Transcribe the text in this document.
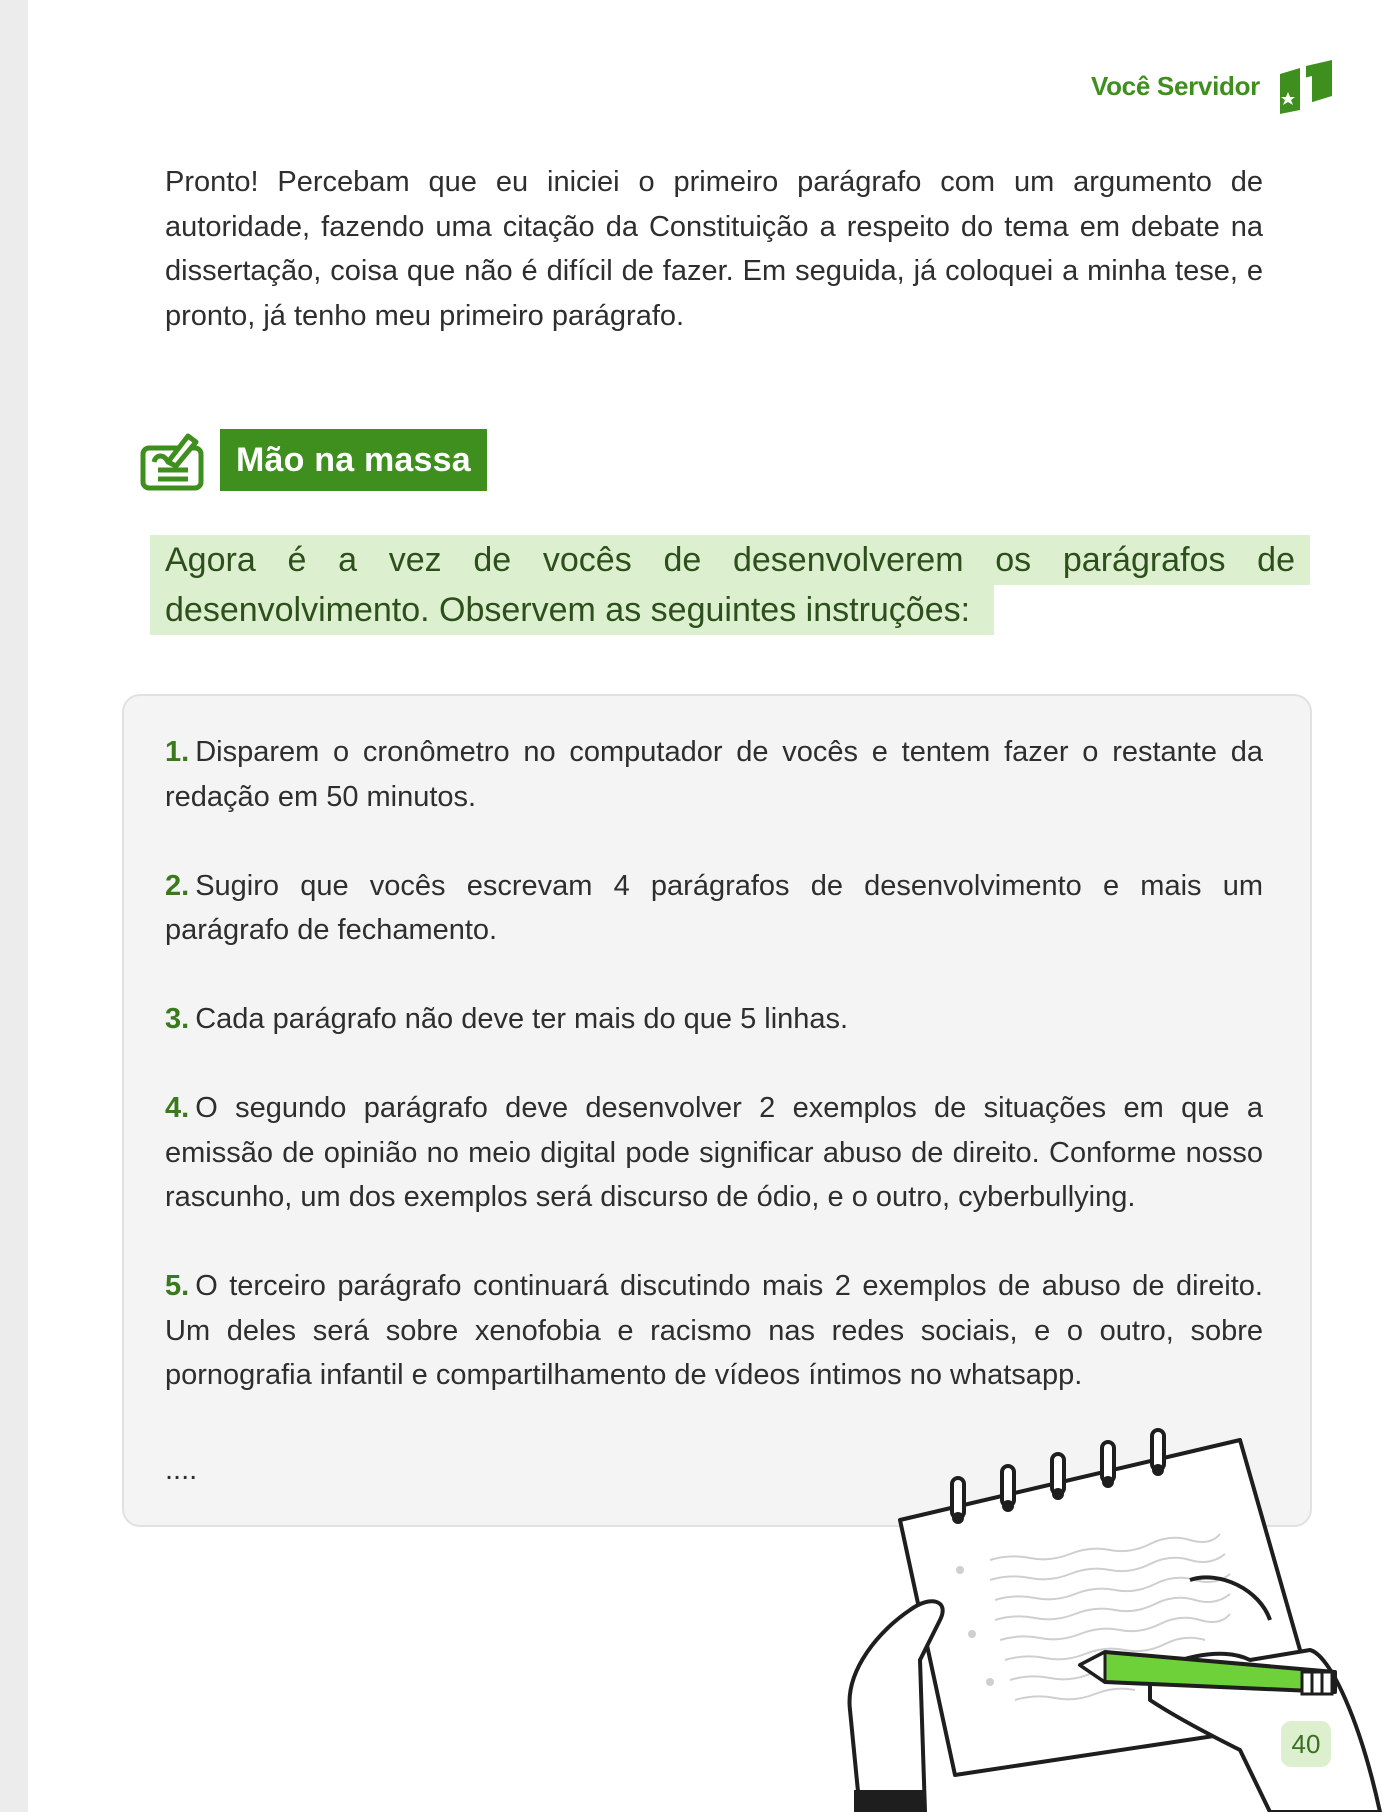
Você Servidor

Pronto! Percebam que eu iniciei o primeiro parágrafo com um argumento de autoridade, fazendo uma citação da Constituição a respeito do tema em debate na dissertação, coisa que não é difícil de fazer. Em seguida, já coloquei a minha tese, e pronto, já tenho meu primeiro parágrafo.

Mão na massa
Agora é a vez de vocês de desenvolverem os parágrafos de
desenvolvimento. Observem as seguintes instruções:
1. Disparem o cronômetro no computador de vocês e tentem fazer o restante da redação em 50 minutos.
2. Sugiro que vocês escrevam 4 parágrafos de desenvolvimento e mais um parágrafo de fechamento.
3. Cada parágrafo não deve ter mais do que 5 linhas.
4. O segundo parágrafo deve desenvolver 2 exemplos de situações em que a emissão de opinião no meio digital pode significar abuso de direito. Conforme nosso rascunho, um dos exemplos será discurso de ódio, e o outro, cyberbullying.
5. O terceiro parágrafo continuará discutindo mais 2 exemplos de abuso de direito. Um deles será sobre xenofobia e racismo nas redes sociais, e o outro, sobre pornografia infantil e compartilhamento de vídeos íntimos no whatsapp.
....
40
